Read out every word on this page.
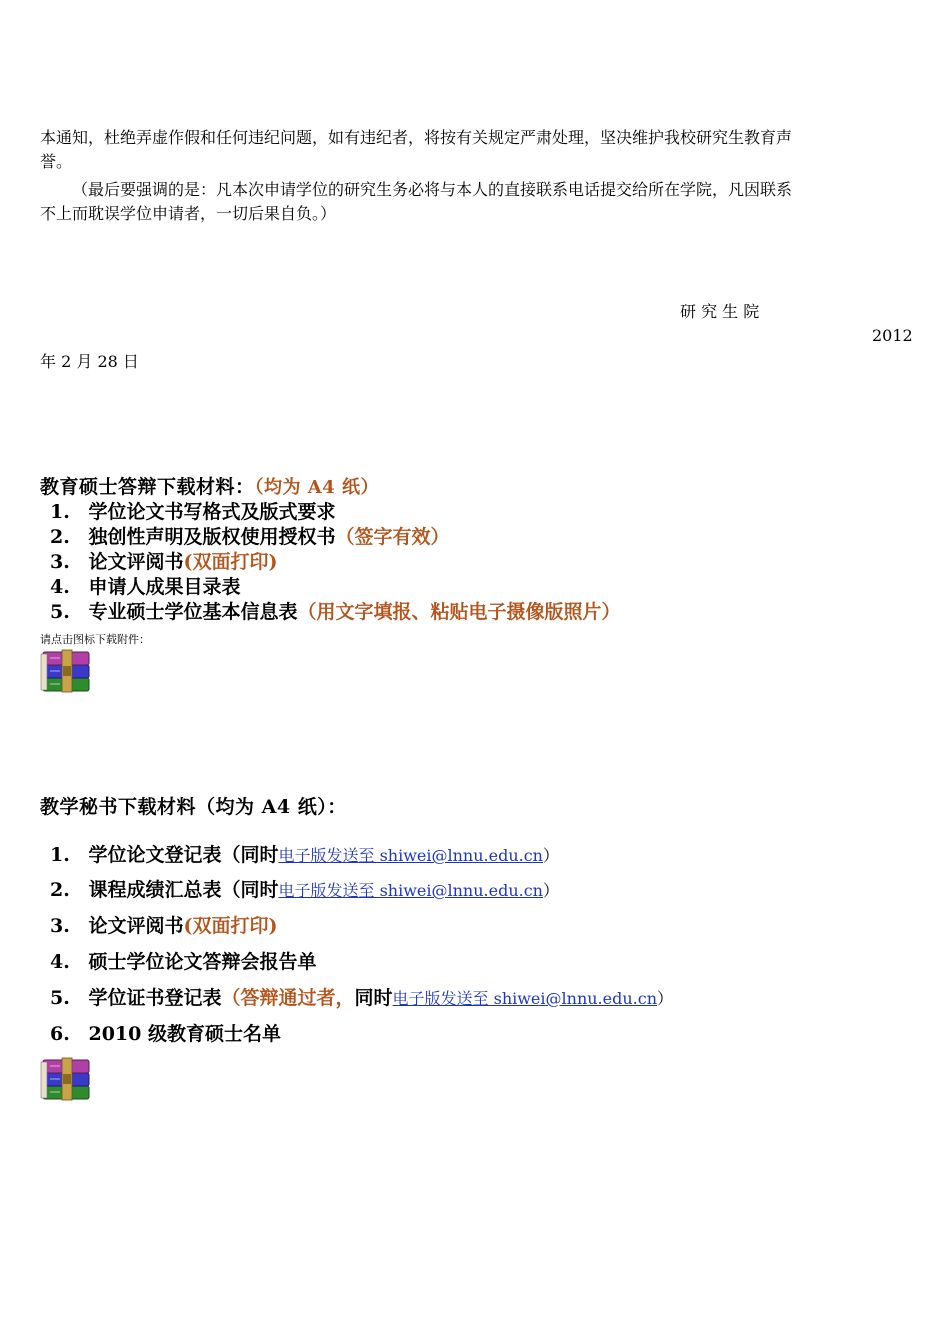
本通知，杜绝弄虚作假和任何违纪问题，如有违纪者，将按有关规定严肃处理，坚决维护我校研究生教育声
誉。
（最后要强调的是：凡本次申请学位的研究生务必将与本人的直接联系电话提交给所在学院，凡因联系
不上而耽误学位申请者，一切后果自负。）
研 究 生 院
2012
年 2 月 28 日
教育硕士答辩下载材料：（均为 A4 纸）
1. 学位论文书写格式及版式要求
2. 独创性声明及版权使用授权书（签字有效）
3. 论文评阅书(双面打印)
4. 申请人成果目录表
5. 专业硕士学位基本信息表（用文字填报、粘贴电子摄像版照片）
请点击图标下载附件：
教学秘书下载材料（均为 A4 纸）：
1. 学位论文登记表（同时电子版发送至 shiwei@lnnu.edu.cn）
2. 课程成绩汇总表（同时电子版发送至 shiwei@lnnu.edu.cn）
3. 论文评阅书(双面打印)
4. 硕士学位论文答辩会报告单
5. 学位证书登记表（答辩通过者，同时电子版发送至 shiwei@lnnu.edu.cn）
6. 2010 级教育硕士名单
